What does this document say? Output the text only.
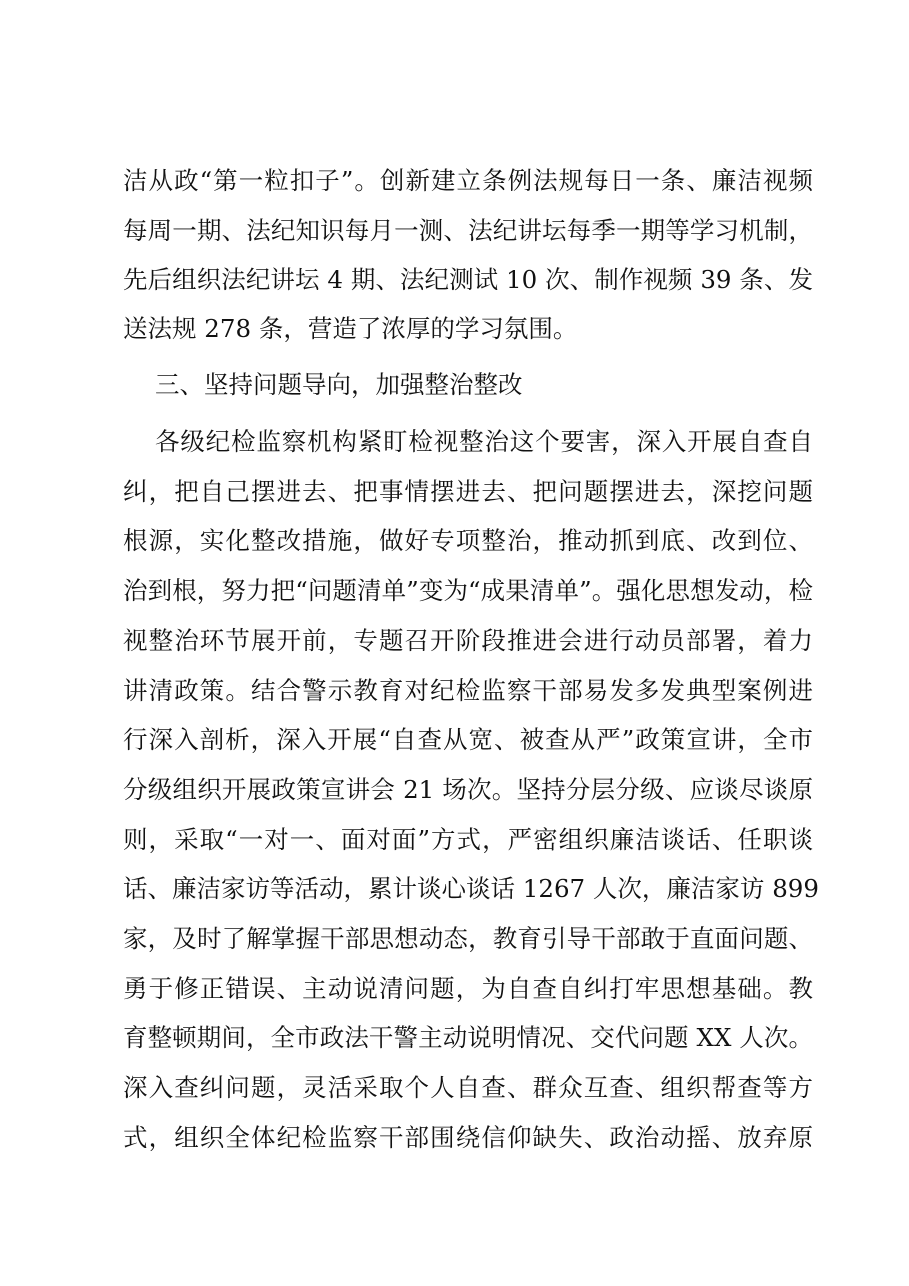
洁从政“第一粒扣子”。创新建立条例法规每日一条、廉洁视频
每周一期、法纪知识每月一测、法纪讲坛每季一期等学习机制，
先后组织法纪讲坛 4 期、法纪测试 10 次、制作视频 39 条、发
送法规 278 条，营造了浓厚的学习氛围。
三、坚持问题导向，加强整治整改
各级纪检监察机构紧盯检视整治这个要害，深入开展自查自
纠，把自己摆进去、把事情摆进去、把问题摆进去，深挖问题
根源，实化整改措施，做好专项整治，推动抓到底、改到位、
治到根，努力把“问题清单”变为“成果清单”。强化思想发动，检
视整治环节展开前，专题召开阶段推进会进行动员部署，着力
讲清政策。结合警示教育对纪检监察干部易发多发典型案例进
行深入剖析，深入开展“自查从宽、被查从严”政策宣讲，全市
分级组织开展政策宣讲会 21 场次。坚持分层分级、应谈尽谈原
则，采取“一对一、面对面”方式，严密组织廉洁谈话、任职谈
话、廉洁家访等活动，累计谈心谈话 1267 人次，廉洁家访 899
家，及时了解掌握干部思想动态，教育引导干部敢于直面问题、
勇于修正错误、主动说清问题，为自查自纠打牢思想基础。教
育整顿期间，全市政法干警主动说明情况、交代问题 XX 人次。
深入查纠问题，灵活采取个人自查、群众互查、组织帮查等方
式，组织全体纪检监察干部围绕信仰缺失、政治动摇、放弃原
